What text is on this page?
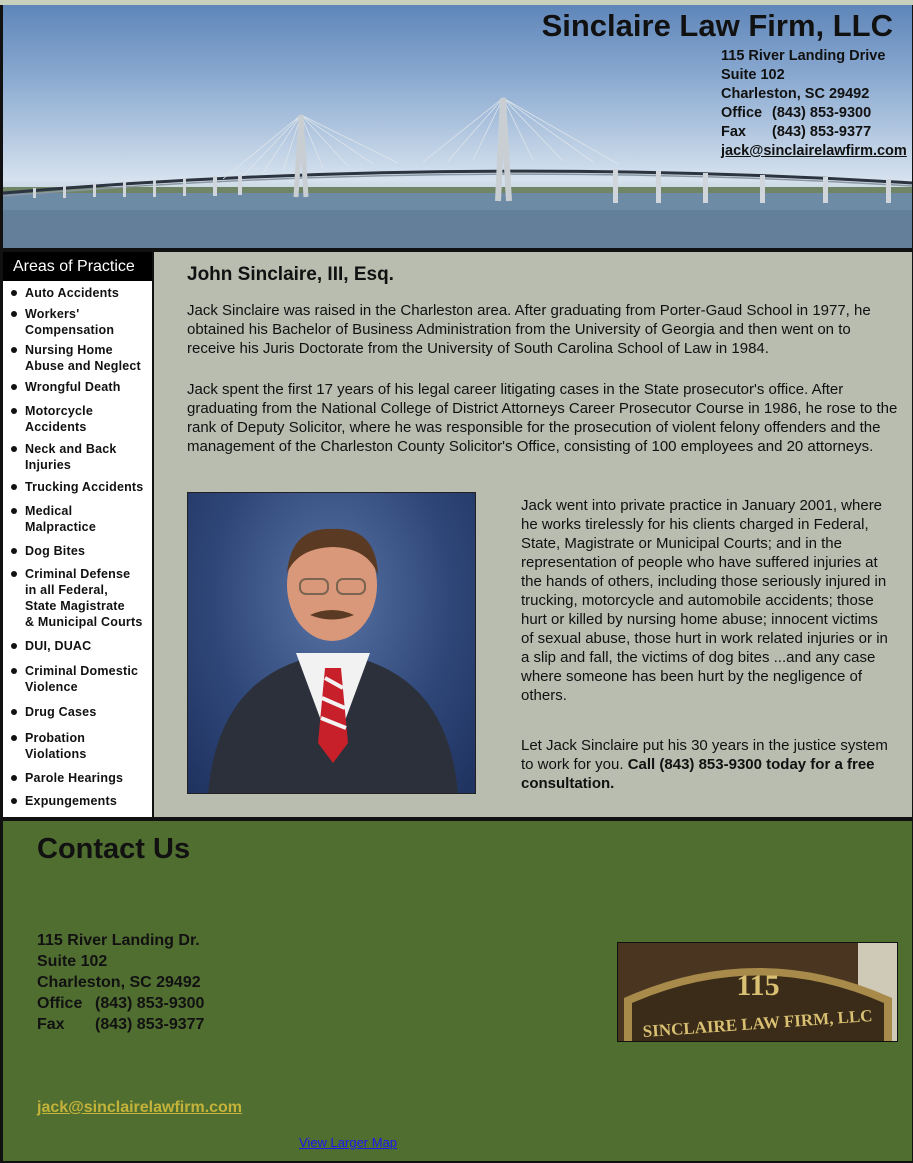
Sinclaire Law Firm, LLC
115 River Landing Drive
Suite 102
Charleston, SC 29492
Office (843) 853-9300
Fax (843) 853-9377
jack@sinclairelawfirm.com
Areas of Practice
Auto Accidents
Workers'
Compensation
Nursing Home
Abuse and Neglect
Wrongful Death
Motorcycle
Accidents
Neck and Back
Injuries
Trucking Accidents
Medical
Malpractice
Dog Bites
Criminal Defense
in all Federal,
State Magistrate
& Municipal Courts
DUI, DUAC
Criminal Domestic
Violence
Drug Cases
Probation
Violations
Parole Hearings
Expungements
John Sinclaire, III, Esq.

Jack Sinclaire was raised in the Charleston area. After graduating from Porter-Gaud School in 1977, he obtained his Bachelor of Business Administration from the University of Georgia and then went on to receive his Juris Doctorate from the University of South Carolina School of Law in 1984.

Jack spent the first 17 years of his legal career litigating cases in the State prosecutor's office. After graduating from the National College of District Attorneys Career Prosecutor Course in 1986, he rose to the rank of Deputy Solicitor, where he was responsible for the prosecution of violent felony offenders and the management of the Charleston County Solicitor's Office, consisting of 100 employees and 20 attorneys.

Jack went into private practice in January 2001, where he works tirelessly for his clients charged in Federal, State, Magistrate or Municipal Courts; and in the representation of people who have suffered injuries at the hands of others, including those seriously injured in trucking, motorcycle and automobile accidents; those hurt or killed by nursing home abuse; innocent victims of sexual abuse, those hurt in work related injuries or in a slip and fall, the victims of dog bites ...and any case where someone has been hurt by the negligence of others.

Let Jack Sinclaire put his 30 years in the justice system to work for you. Call (843) 853-9300 today for a free consultation.

Contact Us
115 River Landing Dr.
Suite 102
Charleston, SC 29492
Office (843) 853-9300
Fax (843) 853-9377
jack@sinclairelawfirm.com
View Larger Map
115
SINCLAIRE LAW FIRM, LLC
